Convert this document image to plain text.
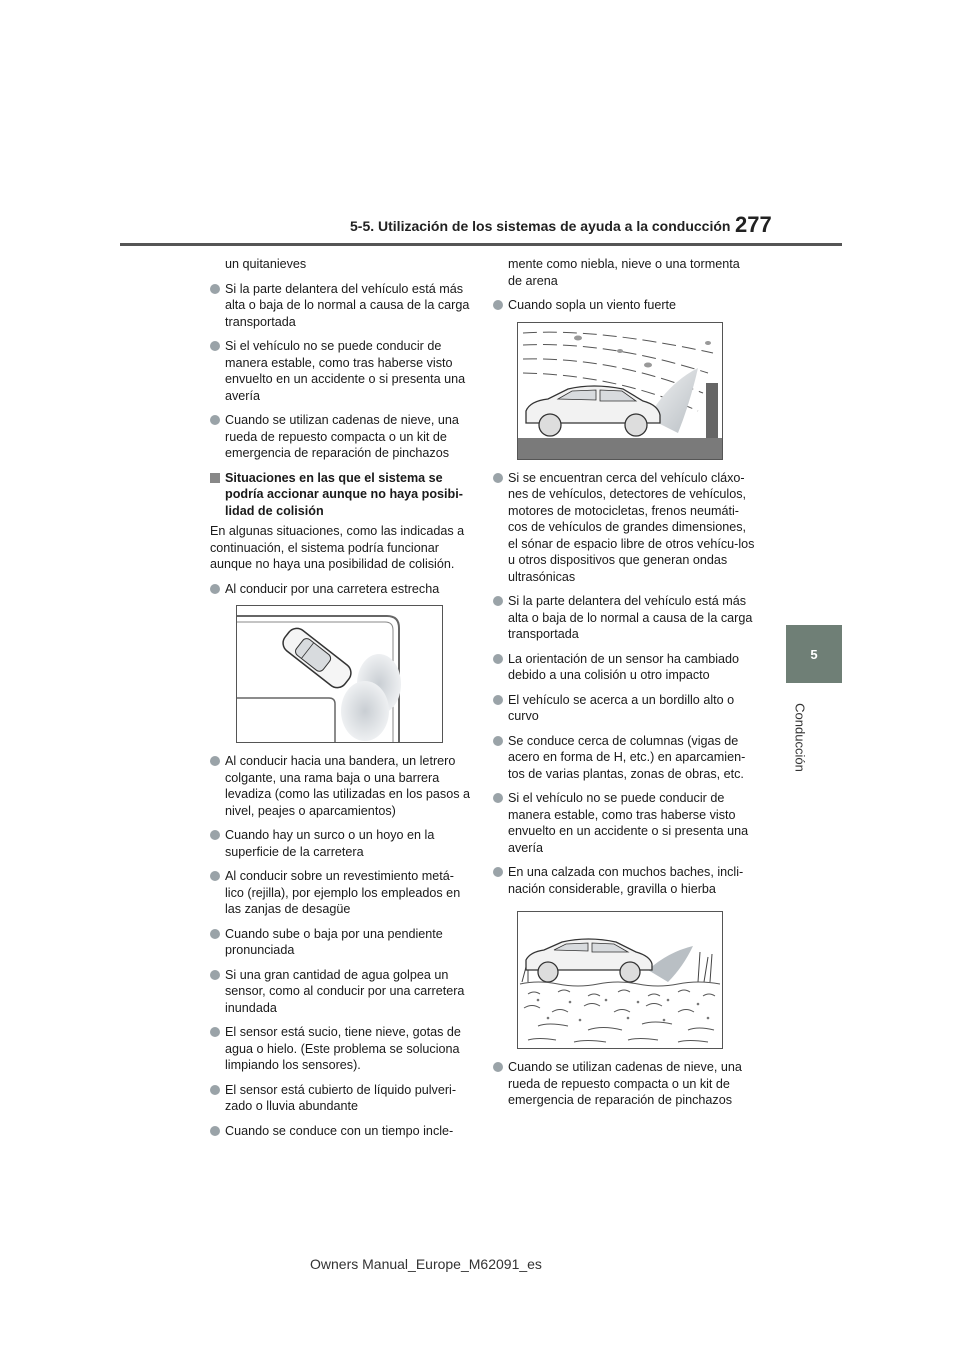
5-5. Utilización de los sistemas de ayuda a la conducción 277
5
Conducción
un quitanieves
Si la parte delantera del vehículo está más alta o baja de lo normal a causa de la carga transportada
Si el vehículo no se puede conducir de manera estable, como tras haberse visto envuelto en un accidente o si presenta una avería
Cuando se utilizan cadenas de nieve, una rueda de repuesto compacta o un kit de emergencia de reparación de pinchazos
Situaciones en las que el sistema se podría accionar aunque no haya posibi-lidad de colisión
En algunas situaciones, como las indicadas a continuación, el sistema podría funcionar aunque no haya una posibilidad de colisión.
Al conducir por una carretera estrecha
Al conducir hacia una bandera, un letrero colgante, una rama baja o una barrera levadiza (como las utilizadas en los pasos a nivel, peajes o aparcamientos)
Cuando hay un surco o un hoyo en la superficie de la carretera
Al conducir sobre un revestimiento metá-lico (rejilla), por ejemplo los empleados en las zanjas de desagüe
Cuando sube o baja por una pendiente pronunciada
Si una gran cantidad de agua golpea un sensor, como al conducir por una carretera inundada
El sensor está sucio, tiene nieve, gotas de agua o hielo. (Este problema se soluciona limpiando los sensores).
El sensor está cubierto de líquido pulveri-zado o lluvia abundante
Cuando se conduce con un tiempo incle-
mente como niebla, nieve o una tormenta de arena
Cuando sopla un viento fuerte
Si se encuentran cerca del vehículo cláxo-nes de vehículos, detectores de vehículos, motores de motocicletas, frenos neumáti-cos de vehículos de grandes dimensiones, el sónar de espacio libre de otros vehícu-los u otros dispositivos que generan ondas ultrasónicas
Si la parte delantera del vehículo está más alta o baja de lo normal a causa de la carga transportada
La orientación de un sensor ha cambiado debido a una colisión u otro impacto
El vehículo se acerca a un bordillo alto o curvo
Se conduce cerca de columnas (vigas de acero en forma de H, etc.) en aparcamien-tos de varias plantas, zonas de obras, etc.
Si el vehículo no se puede conducir de manera estable, como tras haberse visto envuelto en un accidente o si presenta una avería
En una calzada con muchos baches, incli-nación considerable, gravilla o hierba
Cuando se utilizan cadenas de nieve, una rueda de repuesto compacta o un kit de emergencia de reparación de pinchazos
Owners Manual_Europe_M62091_es
